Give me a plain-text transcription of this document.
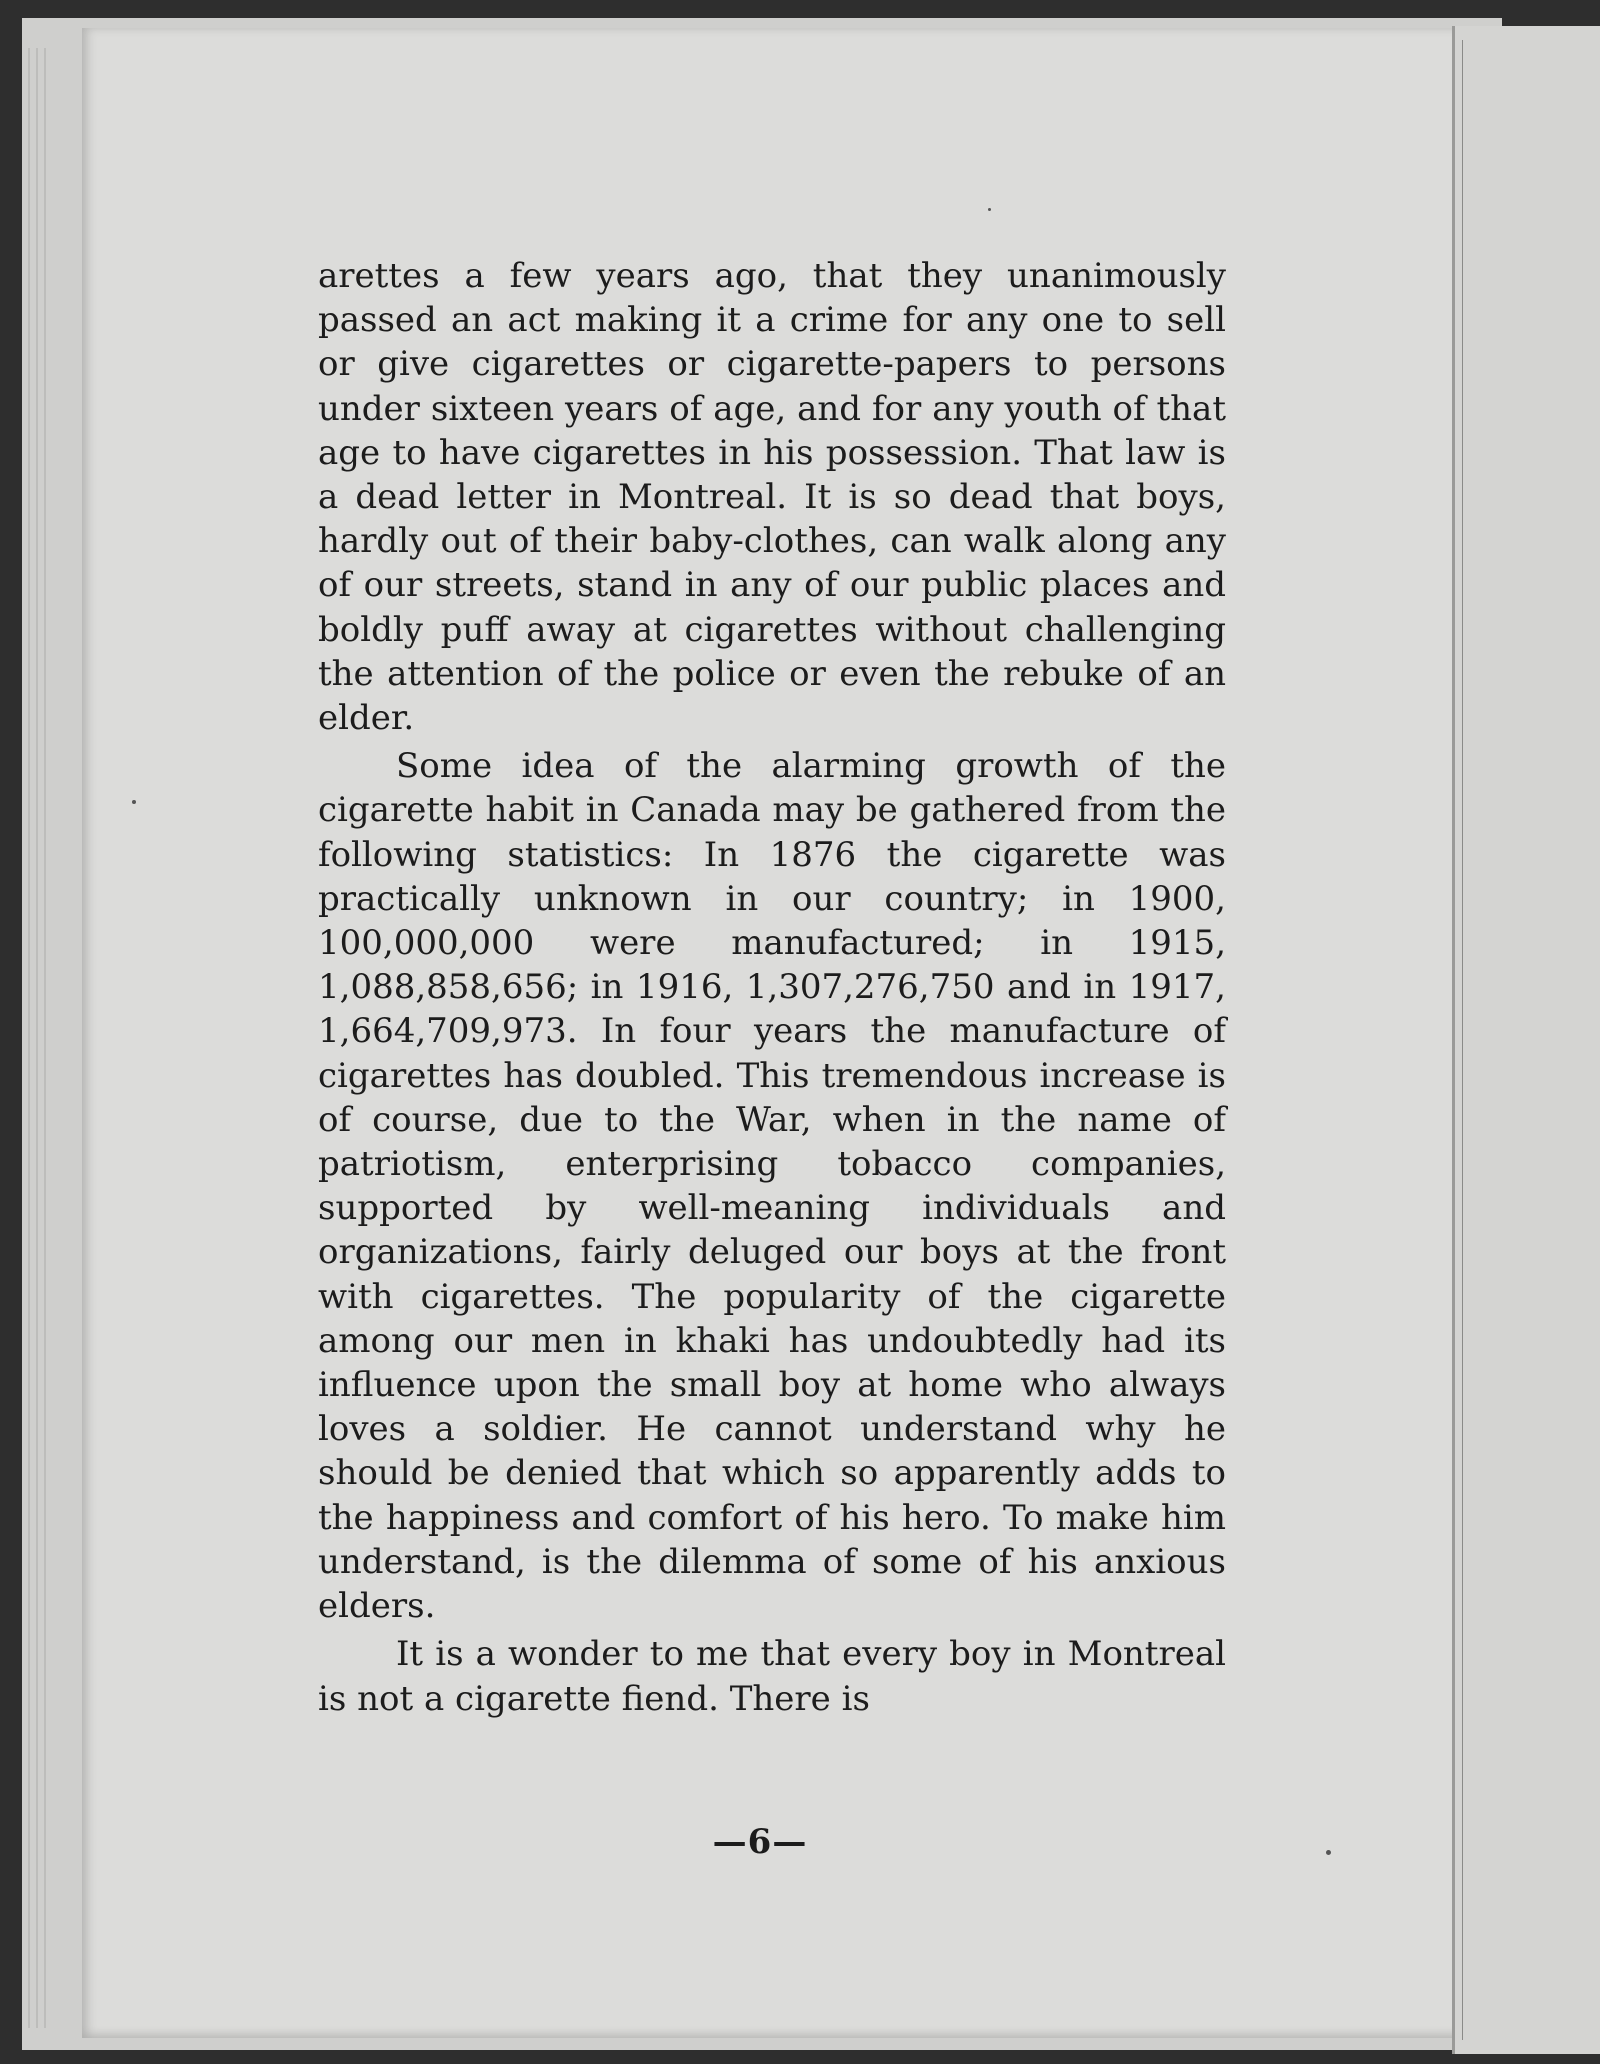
arettes a few years ago, that they unanimously passed an act making it a crime for any one to sell or give cigarettes or cigarette-papers to persons under sixteen years of age, and for any youth of that age to have cigarettes in his possession. That law is a dead letter in Montreal. It is so dead that boys, hardly out of their baby-clothes, can walk along any of our streets, stand in any of our public places and boldly puff away at cigarettes without challenging the attention of the police or even the rebuke of an elder.

Some idea of the alarming growth of the cigarette habit in Canada may be gathered from the following statistics: In 1876 the cigarette was practically unknown in our country; in 1900, 100,000,000 were manufactured; in 1915, 1,088,858,656; in 1916, 1,307,276,750 and in 1917, 1,664,709,973. In four years the manufacture of cigarettes has doubled. This tremendous increase is of course, due to the War, when in the name of patriotism, enterprising tobacco companies, supported by well-meaning individuals and organizations, fairly deluged our boys at the front with cigarettes. The popularity of the cigarette among our men in khaki has undoubtedly had its influence upon the small boy at home who always loves a soldier. He cannot understand why he should be denied that which so apparently adds to the happiness and comfort of his hero. To make him understand, is the dilemma of some of his anxious elders.

It is a wonder to me that every boy in Montreal is not a cigarette fiend. There is

—6—
